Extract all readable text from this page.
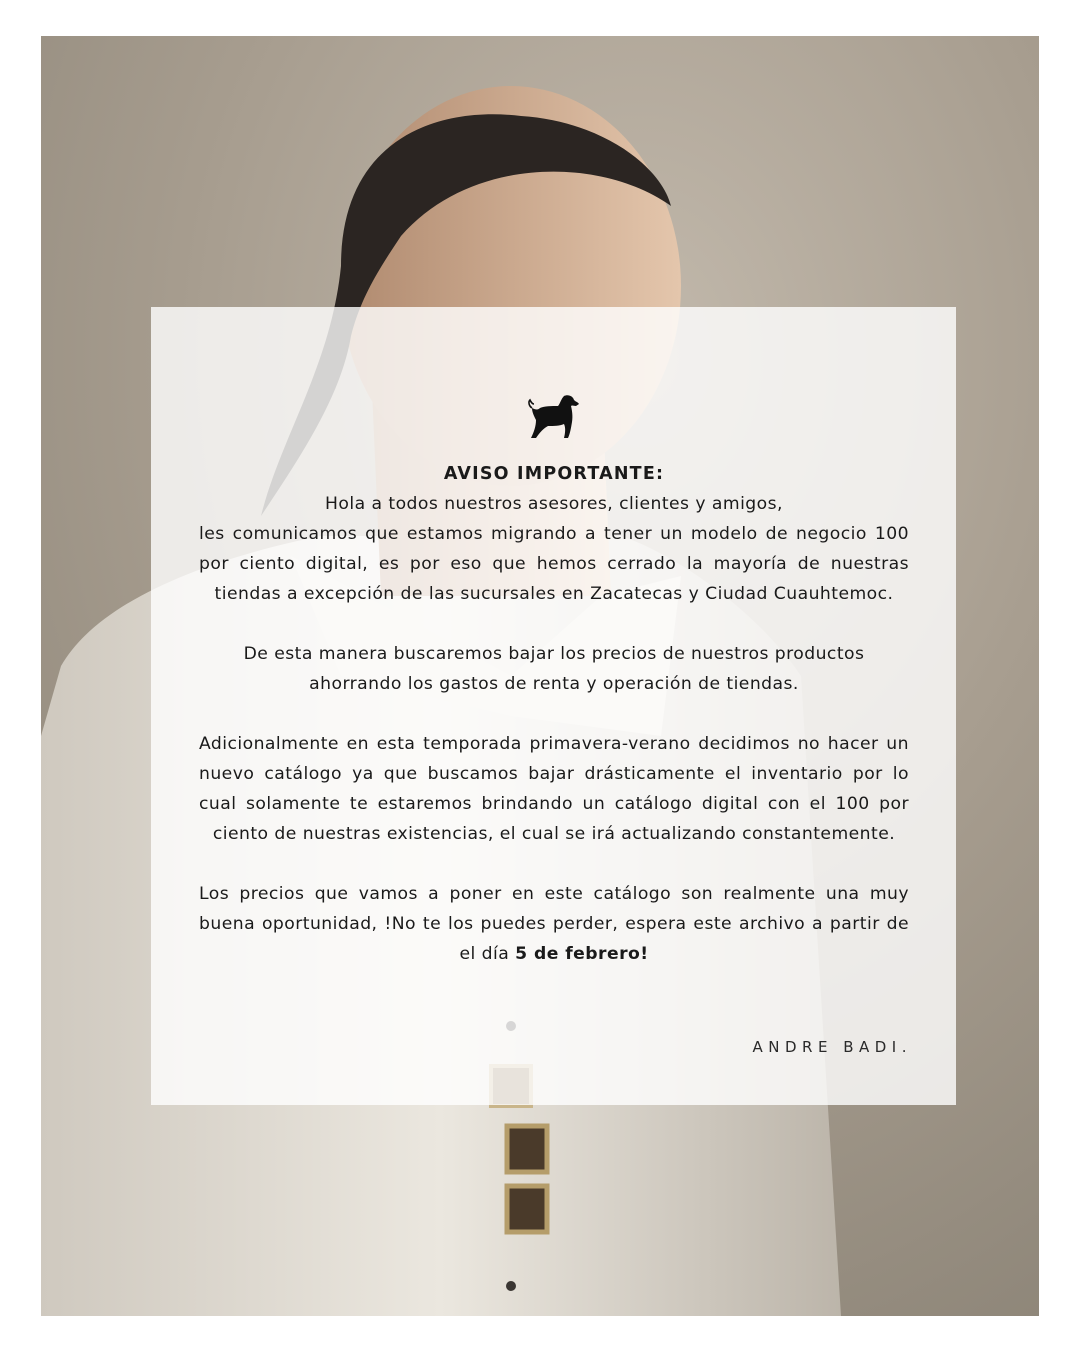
AVISO IMPORTANTE:
Hola a todos nuestros asesores, clientes y amigos,
les comunicamos que estamos migrando a tener un modelo de negocio 100 por ciento digital, es por eso que hemos cerrado la mayoría de nuestras tiendas a excepción de las sucursales en Zacatecas y Ciudad Cuauhtemoc.
De esta manera buscaremos bajar los precios de nuestros productos
ahorrando los gastos de renta y operación de tiendas.
Adicionalmente en esta temporada primavera-verano decidimos no hacer un nuevo catálogo ya que buscamos bajar drásticamente el inventario por lo cual solamente te estaremos brindando un catálogo digital con el 100 por ciento de nuestras existencias, el cual se irá actualizando constantemente.
Los precios que vamos a poner en este catálogo son realmente una muy buena oportunidad, !No te los puedes perder, espera este archivo a partir de el día 5 de febrero!
ANDRE BADI.
